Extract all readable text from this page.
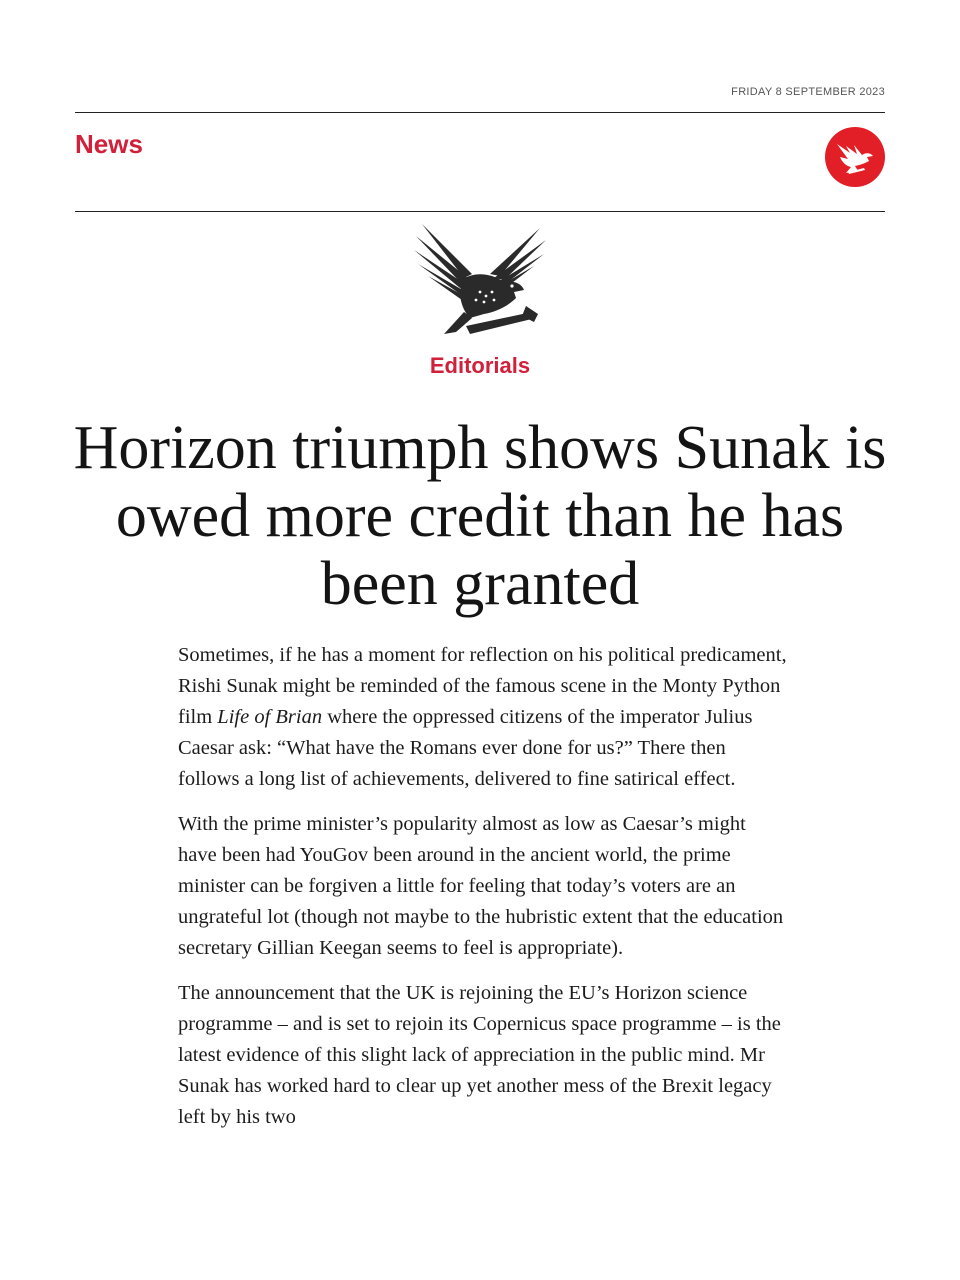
FRIDAY 8 SEPTEMBER 2023
News
Editorials
Horizon triumph shows Sunak is owed more credit than he has been granted

Sometimes, if he has a moment for reflection on his political predicament, Rishi Sunak might be reminded of the famous scene in the Monty Python film Life of Brian where the oppressed citizens of the imperator Julius Caesar ask: “What have the Romans ever done for us?” There then follows a long list of achievements, delivered to fine satirical effect.

With the prime minister’s popularity almost as low as Caesar’s might have been had YouGov been around in the ancient world, the prime minister can be forgiven a little for feeling that today’s voters are an ungrateful lot (though not maybe to the hubristic extent that the education secretary Gillian Keegan seems to feel is appropriate).

The announcement that the UK is rejoining the EU’s Horizon science programme – and is set to rejoin its Copernicus space programme – is the latest evidence of this slight lack of appreciation in the public mind. Mr Sunak has worked hard to clear up yet another mess of the Brexit legacy left by his two
